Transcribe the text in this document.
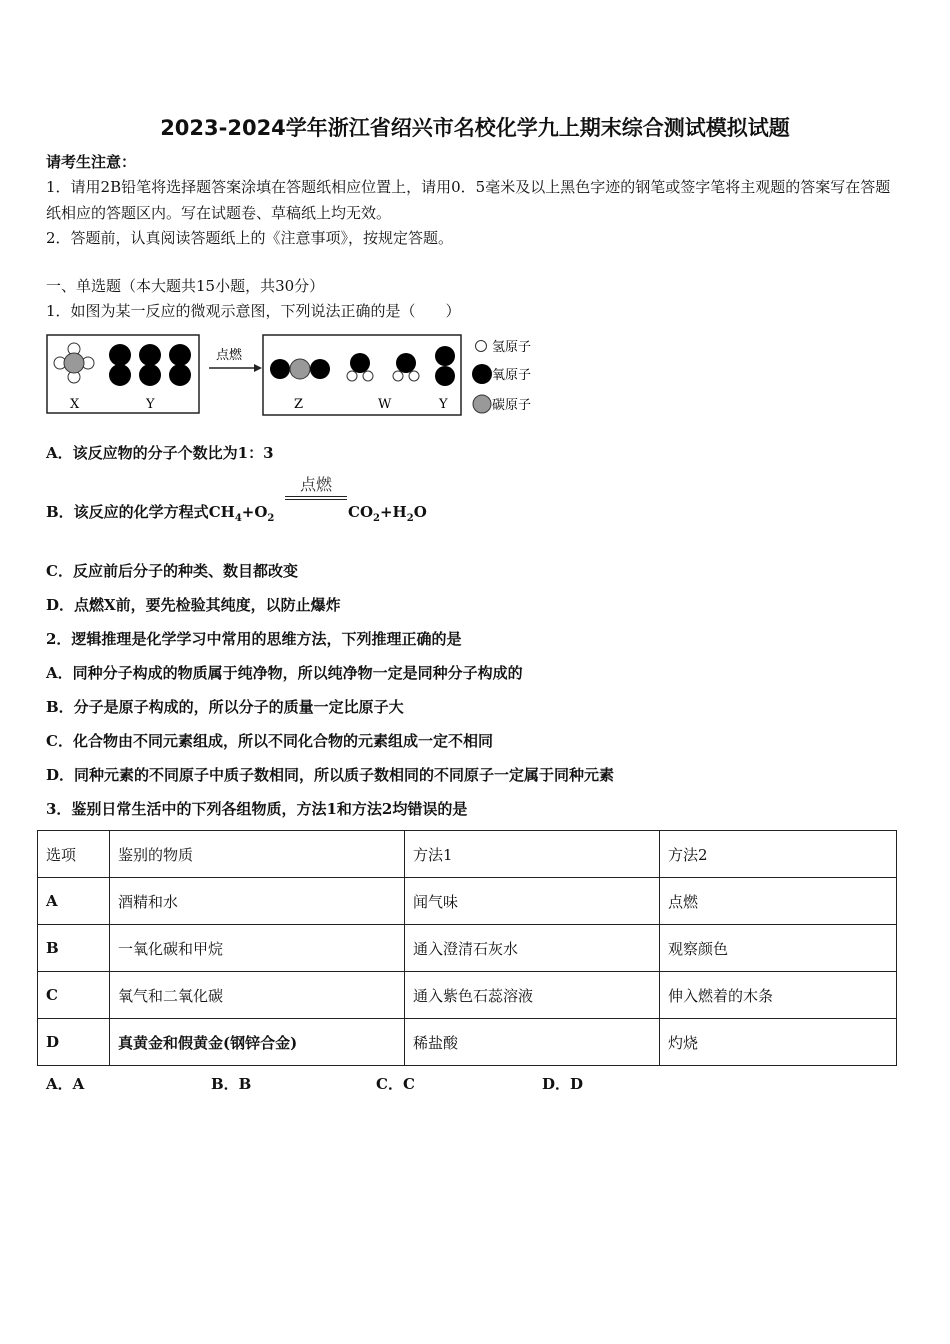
2023-2024学年浙江省绍兴市名校化学九上期末综合测试模拟试题
请考生注意：
1．请用2B铅笔将选择题答案涂填在答题纸相应位置上，请用0．5毫米及以上黑色字迹的钢笔或签字笔将主观题的答案写在答题纸相应的答题区内。写在试题卷、草稿纸上均无效。
2．答题前，认真阅读答题纸上的《注意事项》，按规定答题。
一、单选题（本大题共15小题，共30分）
1．如图为某一反应的微观示意图，下列说法正确的是（　　）
X	Y
点燃
Z	W	Y
氢原子
氧原子
碳原子
A．该反应物的分子个数比为1：3
B．该反应的化学方程式$CH_4+O_2$
点燃
$CO_2+H_2O$
C．反应前后分子的种类、数目都改变
D．点燃X前，要先检验其纯度，以防止爆炸
2．逻辑推理是化学学习中常用的思维方法，下列推理正确的是
A．同种分子构成的物质属于纯净物，所以纯净物一定是同种分子构成的
B．分子是原子构成的，所以分子的质量一定比原子大
C．化合物由不同元素组成，所以不同化合物的元素组成一定不相同
D．同种元素的不同原子中质子数相同，所以质子数相同的不同原子一定属于同种元素
3．鉴别日常生活中的下列各组物质，方法1和方法2均错误的是
选项	鉴别的物质	方法1	方法2
A	酒精和水	闻气味	点燃
B	一氧化碳和甲烷	通入澄清石灰水	观察颜色
C	氧气和二氧化碳	通入紫色石蕊溶液	伸入燃着的木条
D	真黄金和假黄金(钢锌合金)	稀盐酸	灼烧
A．A	B．B	C．C	D．D
